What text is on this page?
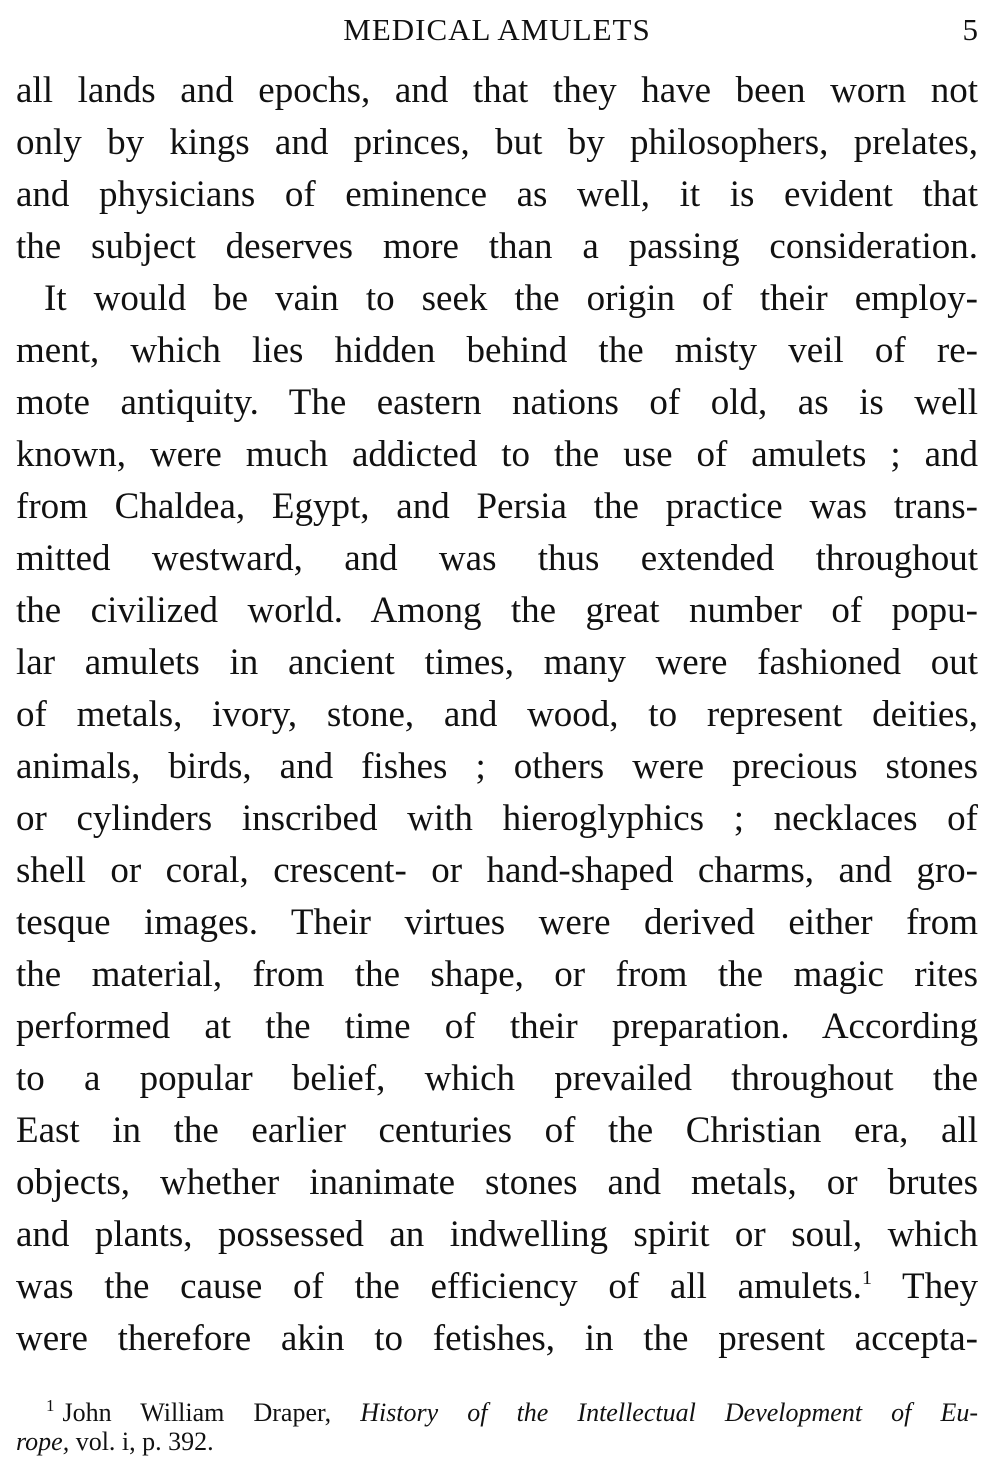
MEDICAL AMULETS	5
all lands and epochs, and that they have been worn not
only by kings and princes, but by philosophers, prelates,
and physicians of eminence as well, it is evident that
the subject deserves more than a passing consideration.
It would be vain to seek the origin of their employ-
ment, which lies hidden behind the misty veil of re-
mote antiquity. The eastern nations of old, as is well
known, were much addicted to the use of amulets ; and
from Chaldea, Egypt, and Persia the practice was trans-
mitted westward, and was thus extended throughout
the civilized world. Among the great number of popu-
lar amulets in ancient times, many were fashioned out
of metals, ivory, stone, and wood, to represent deities,
animals, birds, and fishes ; others were precious stones
or cylinders inscribed with hieroglyphics ; necklaces of
shell or coral, crescent- or hand-shaped charms, and gro-
tesque images. Their virtues were derived either from
the material, from the shape, or from the magic rites
performed at the time of their preparation. According
to a popular belief, which prevailed throughout the
East in the earlier centuries of the Christian era, all
objects, whether inanimate stones and metals, or brutes
and plants, possessed an indwelling spirit or soul, which
was the cause of the efficiency of all amulets.$^1$ They
were therefore akin to fetishes, in the present accepta-
$^1$ John William Draper, History of the Intellectual Development of Eu-
rope, vol. i, p. 392.
